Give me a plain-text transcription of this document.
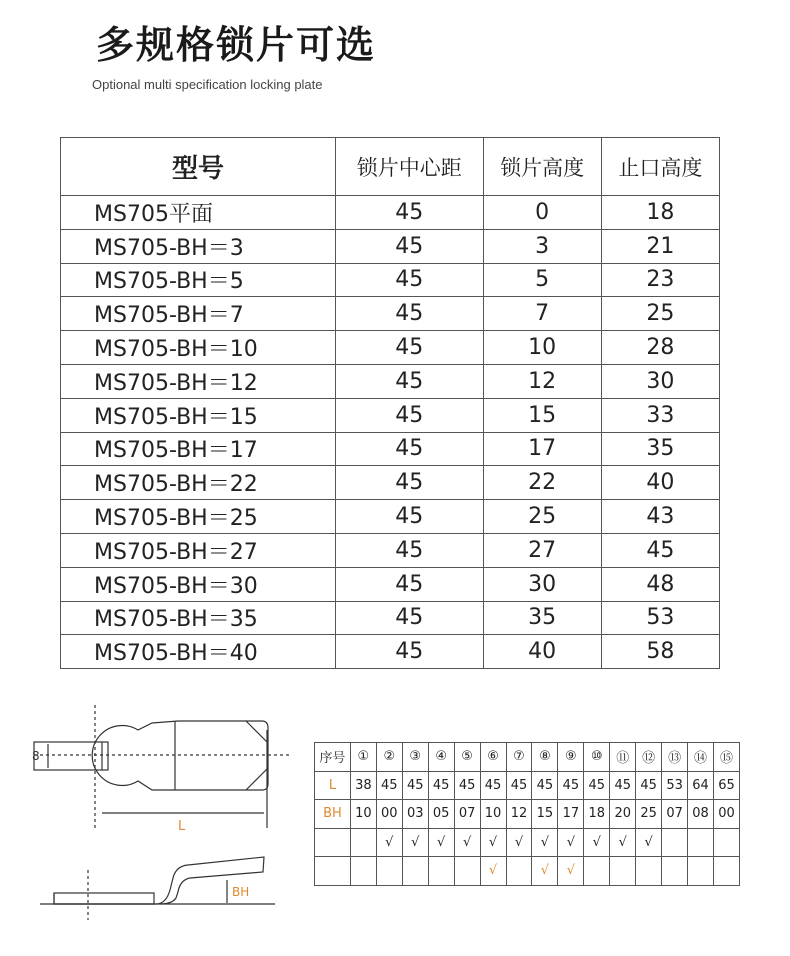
多规格锁片可选
Optional multi specification locking plate
型号	锁片中心距	锁片高度	止口高度
MS705平面	45	0	18
MS705-BH＝3	45	3	21
MS705-BH＝5	45	5	23
MS705-BH＝7	45	7	25
MS705-BH＝10	45	10	28
MS705-BH＝12	45	12	30
MS705-BH＝15	45	15	33
MS705-BH＝17	45	17	35
MS705-BH＝22	45	22	40
MS705-BH＝25	45	25	43
MS705-BH＝27	45	27	45
MS705-BH＝30	45	30	48
MS705-BH＝35	45	35	53
MS705-BH＝40	45	40	58
8
L
BH
序号	①	②	③	④	⑤	⑥	⑦	⑧	⑨	⑩	⑪	⑫	⑬	⑭	⑮
L	38	45	45	45	45	45	45	45	45	45	45	45	53	64	65
BH	10	00	03	05	07	10	12	15	17	18	20	25	07	08	00
		√	√	√	√	√	√	√	√	√	√	√			
						√		√	√						
